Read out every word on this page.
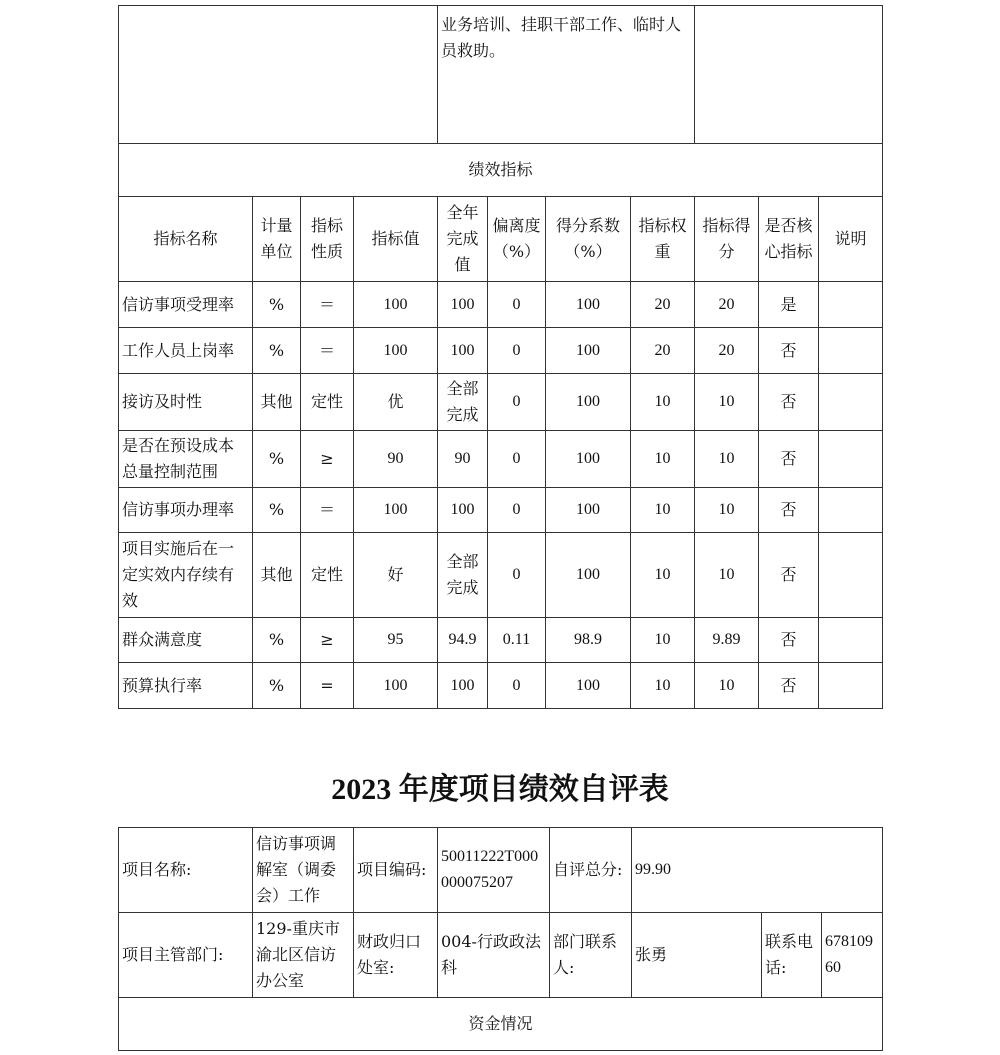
				业务培训、挂职干部工作、临时人员救助。						
绩效指标										
指标名称	计量单位	指标性质	指标值	全年完成值	偏离度（%）	得分系数（%）	指标权重	指标得分	是否核心指标	说明
信访事项受理率	%	＝	100	100	0	100	20	20	是	
工作人员上岗率	%	＝	100	100	0	100	20	20	否	
接访及时性	其他	定性	优	全部完成	0	100	10	10	否	
是否在预设成本总量控制范围	%	≥	90	90	0	100	10	10	否	
信访事项办理率	%	＝	100	100	0	100	10	10	否	
项目实施后在一定实效内存续有效	其他	定性	好	全部完成	0	100	10	10	否	
群众满意度	%	≥	95	94.9	0.11	98.9	10	9.89	否	
预算执行率	%	=	100	100	0	100	10	10	否	
2023 年度项目绩效自评表
项目名称:	信访事项调解室（调委会）工作	项目编码:	50011222T000000075207	自评总分:	99.90		
项目主管部门:	129-重庆市渝北区信访办公室	财政归口处室:	004-行政政法科	部门联系人:	张勇	联系电话:	67810960
资金情况							
